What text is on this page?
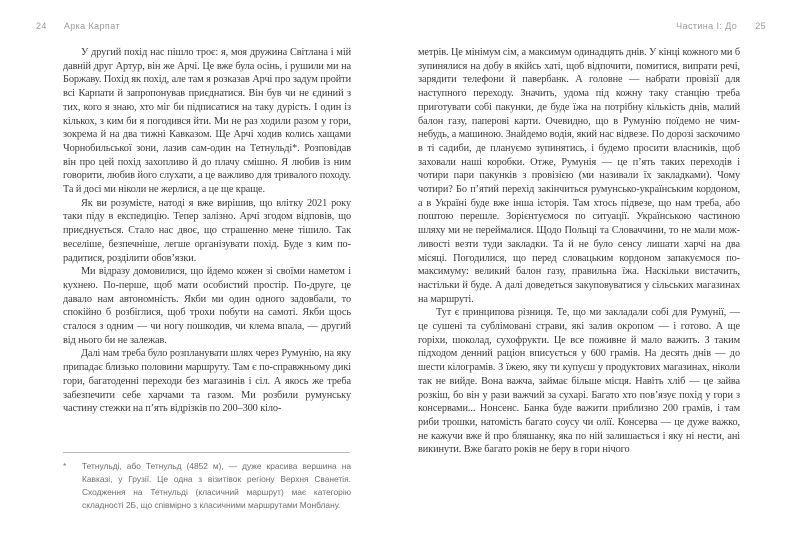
24 Арка Карпат

У другий похід нас пішло троє: я, моя дружина Світлана і мій давній друг Артур, він же Арчі. Це вже була осінь, і рушили ми на Боржаву. Похід як похід, але там я розказав Арчі про задум пройти всі Карпати й запропонував приєднатися. Він був чи не єдиний з тих, кого я знаю, хто міг би підписатися на таку дурість. І один із кількох, з ким би я погодився йти. Ми не раз ходили разом у гори, зокрема й на два тижні Кавказом. Ще Арчі ходив колись хащами Чорнобильської зони, лазив сам-один на Тетнульді*. Розповідав він про цей похід захопливо й до плачу смішно. Я любив із ним говорити, любив його слухати, а це важливо для тривалого походу. Та й досі ми ніколи не жерлися, а це ще краще.

Як ви розумієте, натоді я вже вирішив, що влітку 2021 року таки піду в експедицію. Тепер залізно. Арчі згодом відповів, що приєднується. Стало нас двоє, що страшенно мене тішило. Так веселіше, безпечніше, легше організувати похід. Буде з ким порадитися, розділити обов’язки.

Ми відразу домовилися, що йдемо кожен зі своїми наметом і кухнею. По-перше, щоб мати особистий простір. По-друге, це давало нам автономність. Якби ми один одного задовбали, то спокійно б розбіглися, щоб трохи побути на самоті. Якби щось сталося з одним — чи ногу пошкодив, чи клема впала, — другий від нього би не залежав.

Далі нам треба було розпланувати шлях через Румунію, на яку припадає близько половини маршруту. Там є по-справжньому дикі гори, багатоденні переходи без магазинів і сіл. А якось же треба забезпечити себе харчами та газом. Ми розбили румунську частину стежки на п’ять відрізків по 200–300 кіло-

*	Тетнульді, або Тетнульд (4852 м), — дуже красива вершина на Кавказі, у Грузії. Це одна з візитівок регіону Верхня Сванетія. Сходження на Тетнульді (класичний маршрут) має категорію складності 2Б, що співмірно з класичними маршрутами Монблану.
Частина І: До 25

метрів. Це мінімум сім, а максимум одинадцять днів. У кінці кожного ми б зупинялися на добу в якійсь хаті, щоб відпочити, помитися, випрати речі, зарядити телефони й павербанк. А головне — набрати провізії для наступного переходу. Значить, удома під кожну таку станцію треба приготувати собі пакунки, де буде їжа на потрібну кількість днів, малий балон газу, паперові карти. Очевидно, що в Румунію поїдемо не чим-небудь, а машиною. Знайдемо водія, який нас відвезе. По дорозі заскочимо в ті садиби, де плануємо зупинятись, і будемо просити власників, щоб заховали наші коробки. Отже, Румунія — це п’ять таких переходів і чотири пари пакунків з провізією (ми називали їх закладками). Чому чотири? Бо п’ятий перехід закінчиться румунсько-українським кордоном, а в Україні буде вже інша історія. Там хтось підвезе, що нам треба, або поштою перешле. Зорієнтуємося по ситуації. Українською частиною шляху ми не переймалися. Щодо Польщі та Словаччини, то не мали можливості везти туди закладки. Та й не було сенсу лишати харчі на два місяці. Погодилися, що перед словацьким кордоном запакуємося по-максимуму: великий балон газу, правильна їжа. Наскільки вистачить, настільки й буде. А далі доведеться закуповуватися у сільських магазинах на маршруті.

Тут є принципова різниця. Те, що ми закладали собі для Румунії, — це сушені та сублімовані страви, які залив окропом — і готово. А ще горіхи, шоколад, сухофрукти. Це все поживне й мало важить. З таким підходом денний раціон вписується у 600 грамів. На десять днів — до шести кілограмів. З їжею, яку ти купуєш у продуктових магазинах, ніколи так не вийде. Вона важча, займає більше місця. Навіть хліб — це зайва розкіш, бо він у рази важчий за сухарі. Багато хто пов’язує похід у гори з консервами... Нонсенс. Банка буде важити приблизно 200 грамів, і там риби трошки, натомість багато соусу чи олії. Консерва — це дуже важко, не кажучи вже й про бляшанку, яка по ній залишається і яку ні нести, ані викинути. Вже багато років не беру в гори нічого
